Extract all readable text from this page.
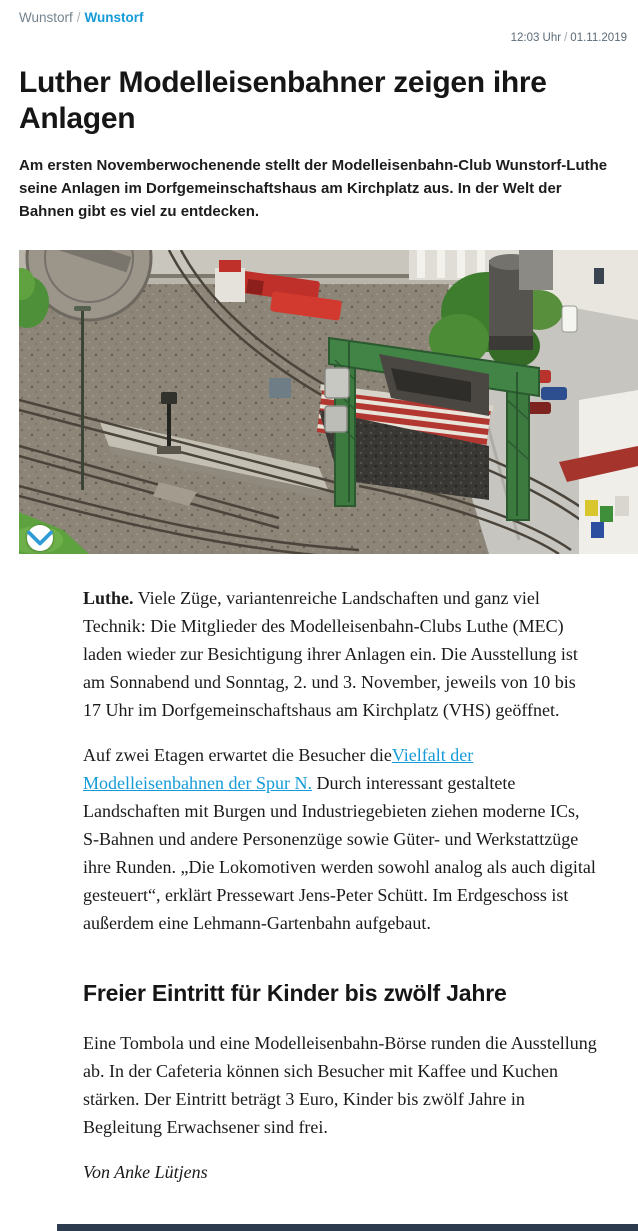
Wunstorf / Wunstorf
12:03 Uhr / 01.11.2019
Luther Modelleisenbahner zeigen ihre Anlagen

Am ersten Novemberwochenende stellt der Modelleisenbahn-Club Wunstorf-Luthe seine Anlagen im Dorfgemeinschaftshaus am Kirchplatz aus. In der Welt der Bahnen gibt es viel zu entdecken.

Luthe. Viele Züge, variantenreiche Landschaften und ganz viel Technik: Die Mitglieder des Modelleisenbahn-Clubs Luthe (MEC) laden wieder zur Besichtigung ihrer Anlagen ein. Die Ausstellung ist am Sonnabend und Sonntag, 2. und 3. November, jeweils von 10 bis 17 Uhr im Dorfgemeinschaftshaus am Kirchplatz (VHS) geöffnet.

Auf zwei Etagen erwartet die Besucher dieVielfalt der Modelleisenbahnen der Spur N. Durch interessant gestaltete Landschaften mit Burgen und Industriegebieten ziehen moderne ICs, S-Bahnen und andere Personenzüge sowie Güter- und Werkstattzüge ihre Runden. „Die Lokomotiven werden sowohl analog als auch digital gesteuert“, erklärt Pressewart Jens-Peter Schütt. Im Erdgeschoss ist außerdem eine Lehmann-Gartenbahn aufgebaut.

Freier Eintritt für Kinder bis zwölf Jahre

Eine Tombola und eine Modelleisenbahn-Börse runden die Ausstellung ab. In der Cafeteria können sich Besucher mit Kaffee und Kuchen stärken. Der Eintritt beträgt 3 Euro, Kinder bis zwölf Jahre in Begleitung Erwachsener sind frei.

Von Anke Lütjens
